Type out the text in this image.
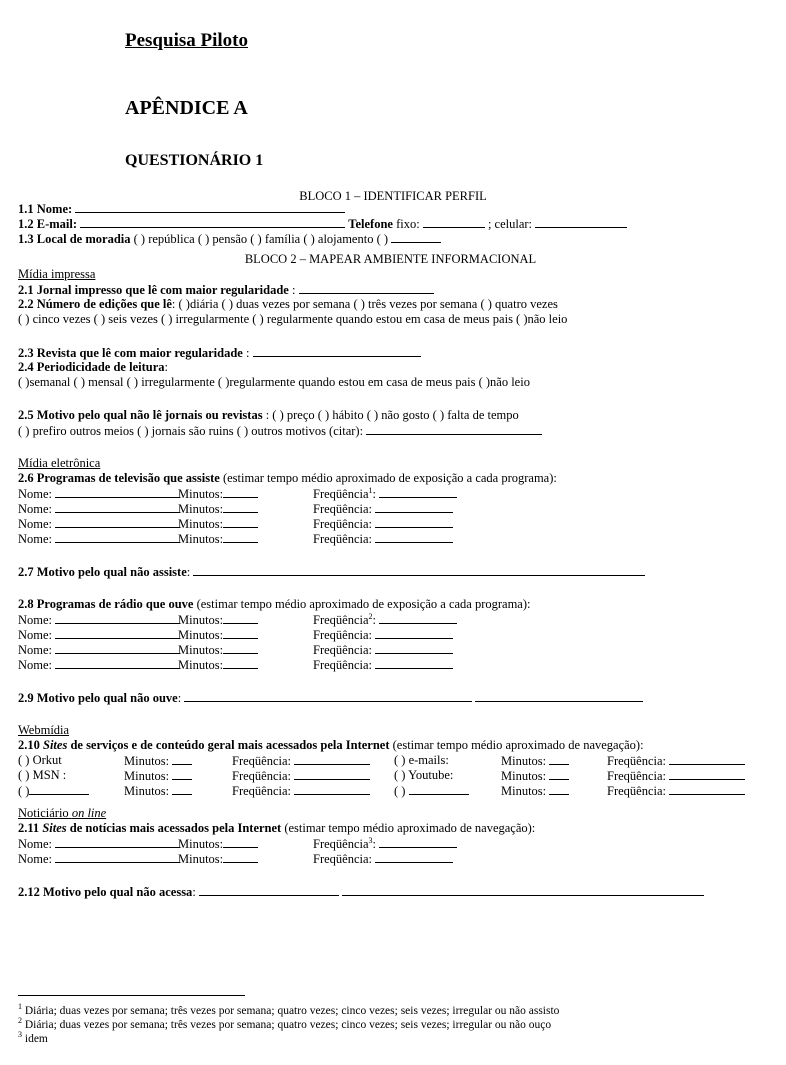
Pesquisa Piloto
APÊNDICE A
QUESTIONÁRIO 1
BLOCO 1 – IDENTIFICAR PERFIL
1.1 Nome:
1.2 E-mail:	Telefone fixo:	; celular:
1.3 Local de moradia ( ) república ( ) pensão ( ) família ( ) alojamento ( )
BLOCO 2 – MAPEAR AMBIENTE INFORMACIONAL
Mídia impressa
2.1 Jornal impresso que lê com maior regularidade :
2.2 Número de edições que lê: ( )diária ( ) duas vezes por semana ( ) três vezes por semana ( ) quatro vezes
( ) cinco vezes ( ) seis vezes ( ) irregularmente ( ) regularmente quando estou em casa de meus pais ( )não leio
2.3 Revista que lê com maior regularidade :
2.4 Periodicidade de leitura:
( )semanal ( ) mensal ( ) irregularmente ( )regularmente quando estou em casa de meus pais ( )não leio
2.5 Motivo pelo qual não lê jornais ou revistas : ( ) preço ( ) hábito ( ) não gosto ( ) falta de tempo
( ) prefiro outros meios ( ) jornais são ruins ( ) outros motivos (citar):
Mídia eletrônica
2.6 Programas de televisão que assiste (estimar tempo médio aproximado de exposição a cada programa):
Nome:	Minutos:	Freqüência$^1$:
Nome:	Minutos:	Freqüência:
Nome:	Minutos:	Freqüência:
Nome:	Minutos:	Freqüência:
2.7 Motivo pelo qual não assiste:
2.8 Programas de rádio que ouve (estimar tempo médio aproximado de exposição a cada programa):
Nome:	Minutos:	Freqüência$^2$:
Nome:	Minutos:	Freqüência:
Nome:	Minutos:	Freqüência:
Nome:	Minutos:	Freqüência:
2.9 Motivo pelo qual não ouve:
Webmídia
2.10 Sites de serviços e de conteúdo geral mais acessados pela Internet (estimar tempo médio aproximado de navegação):
( ) Orkut	Minutos:	Freqüência:	( ) e-mails:	Minutos:	Freqüência:
( ) MSN :	Minutos:	Freqüência:	( ) Youtube:	Minutos:	Freqüência:
( )	Minutos:	Freqüência:	( )	Minutos:	Freqüência:
Noticiário on line
2.11 Sites de notícias mais acessados pela Internet (estimar tempo médio aproximado de navegação):
Nome:	Minutos:	Freqüência$^3$:
Nome:	Minutos:	Freqüência:
2.12 Motivo pelo qual não acessa:
$^1$ Diária; duas vezes por semana; três vezes por semana; quatro vezes; cinco vezes; seis vezes; irregular ou não assisto
$^2$ Diária; duas vezes por semana; três vezes por semana; quatro vezes; cinco vezes; seis vezes; irregular ou não ouço
$^3$ idem
